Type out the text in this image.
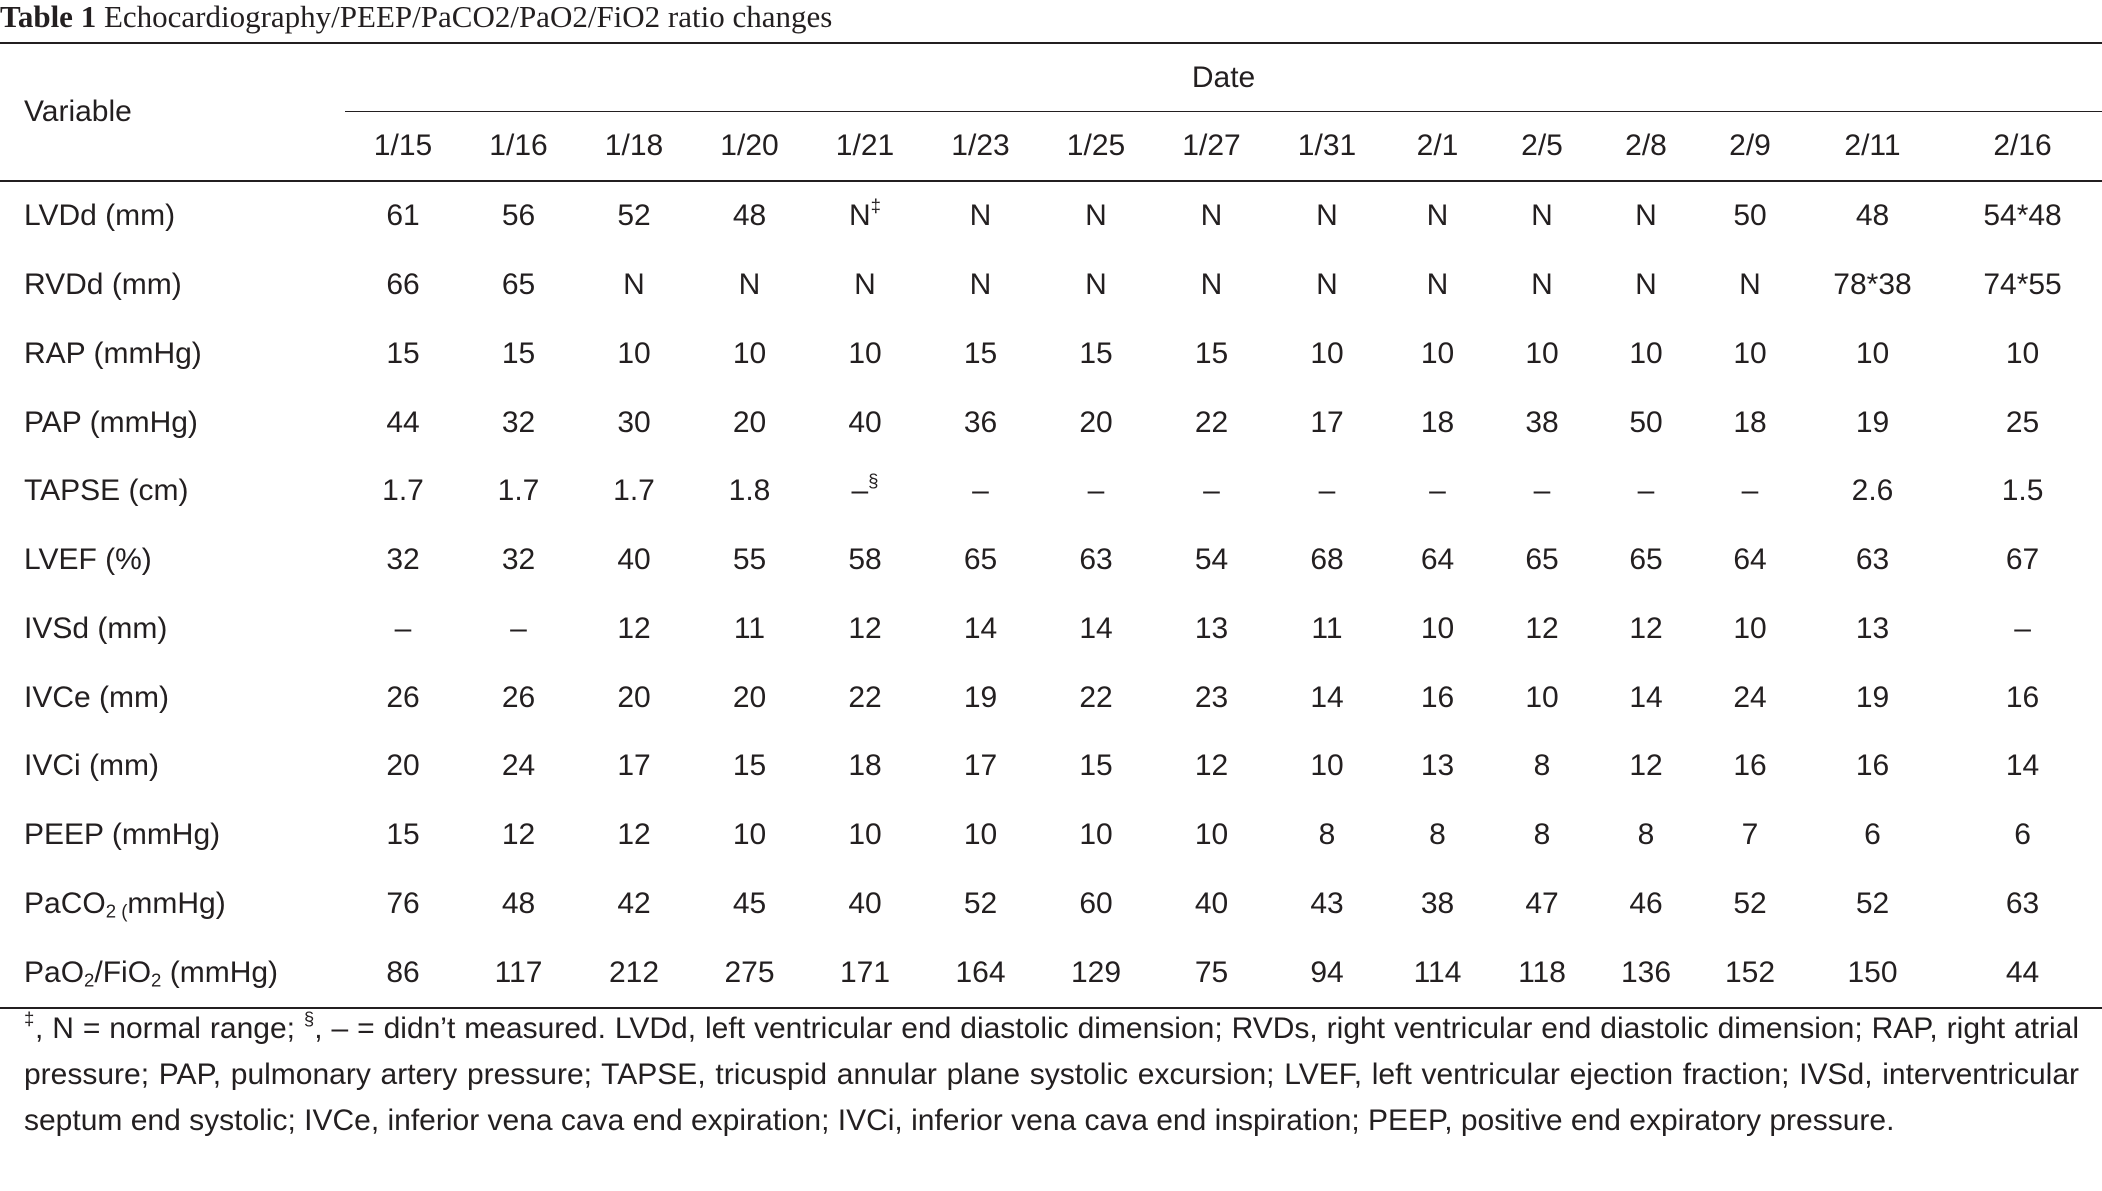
Table 1 Echocardiography/PEEP/PaCO2/PaO2/FiO2 ratio changes
Variable	Date														

	1/15	1/16	1/18	1/20	1/21	1/23	1/25	1/27	1/31	2/1	2/5	2/8	2/9	2/11	2/16
LVDd (mm)	61	56	52	48	N‡	N	N	N	N	N	N	N	50	48	54*48
RVDd (mm)	66	65	N	N	N	N	N	N	N	N	N	N	N	78*38	74*55
RAP (mmHg)	15	15	10	10	10	15	15	15	10	10	10	10	10	10	10
PAP (mmHg)	44	32	30	20	40	36	20	22	17	18	38	50	18	19	25
TAPSE (cm)	1.7	1.7	1.7	1.8	–§	–	–	–	–	–	–	–	–	2.6	1.5
LVEF (%)	32	32	40	55	58	65	63	54	68	64	65	65	64	63	67
IVSd (mm)	–	–	12	11	12	14	14	13	11	10	12	12	10	13	–
IVCe (mm)	26	26	20	20	22	19	22	23	14	16	10	14	24	19	16
IVCi (mm)	20	24	17	15	18	17	15	12	10	13	8	12	16	16	14
PEEP (mmHg)	15	12	12	10	10	10	10	10	8	8	8	8	7	6	6
PaCO$_{2 (}$mmHg)	76	48	42	45	40	52	60	40	43	38	47	46	52	52	63
PaO$_2$/FiO$_2$ (mmHg)	86	117	212	275	171	164	129	75	94	114	118	136	152	150	44
‡, N = normal range; §, – = didn’t measured. LVDd, left ventricular end diastolic dimension; RVDs, right ventricular end diastolic dimension; RAP, right atrial pressure; PAP, pulmonary artery pressure; TAPSE, tricuspid annular plane systolic excursion; LVEF, left ventricular ejection fraction; IVSd, interventricular septum end systolic; IVCe, inferior vena cava end expiration; IVCi, inferior vena cava end inspiration; PEEP, positive end expiratory pressure.
